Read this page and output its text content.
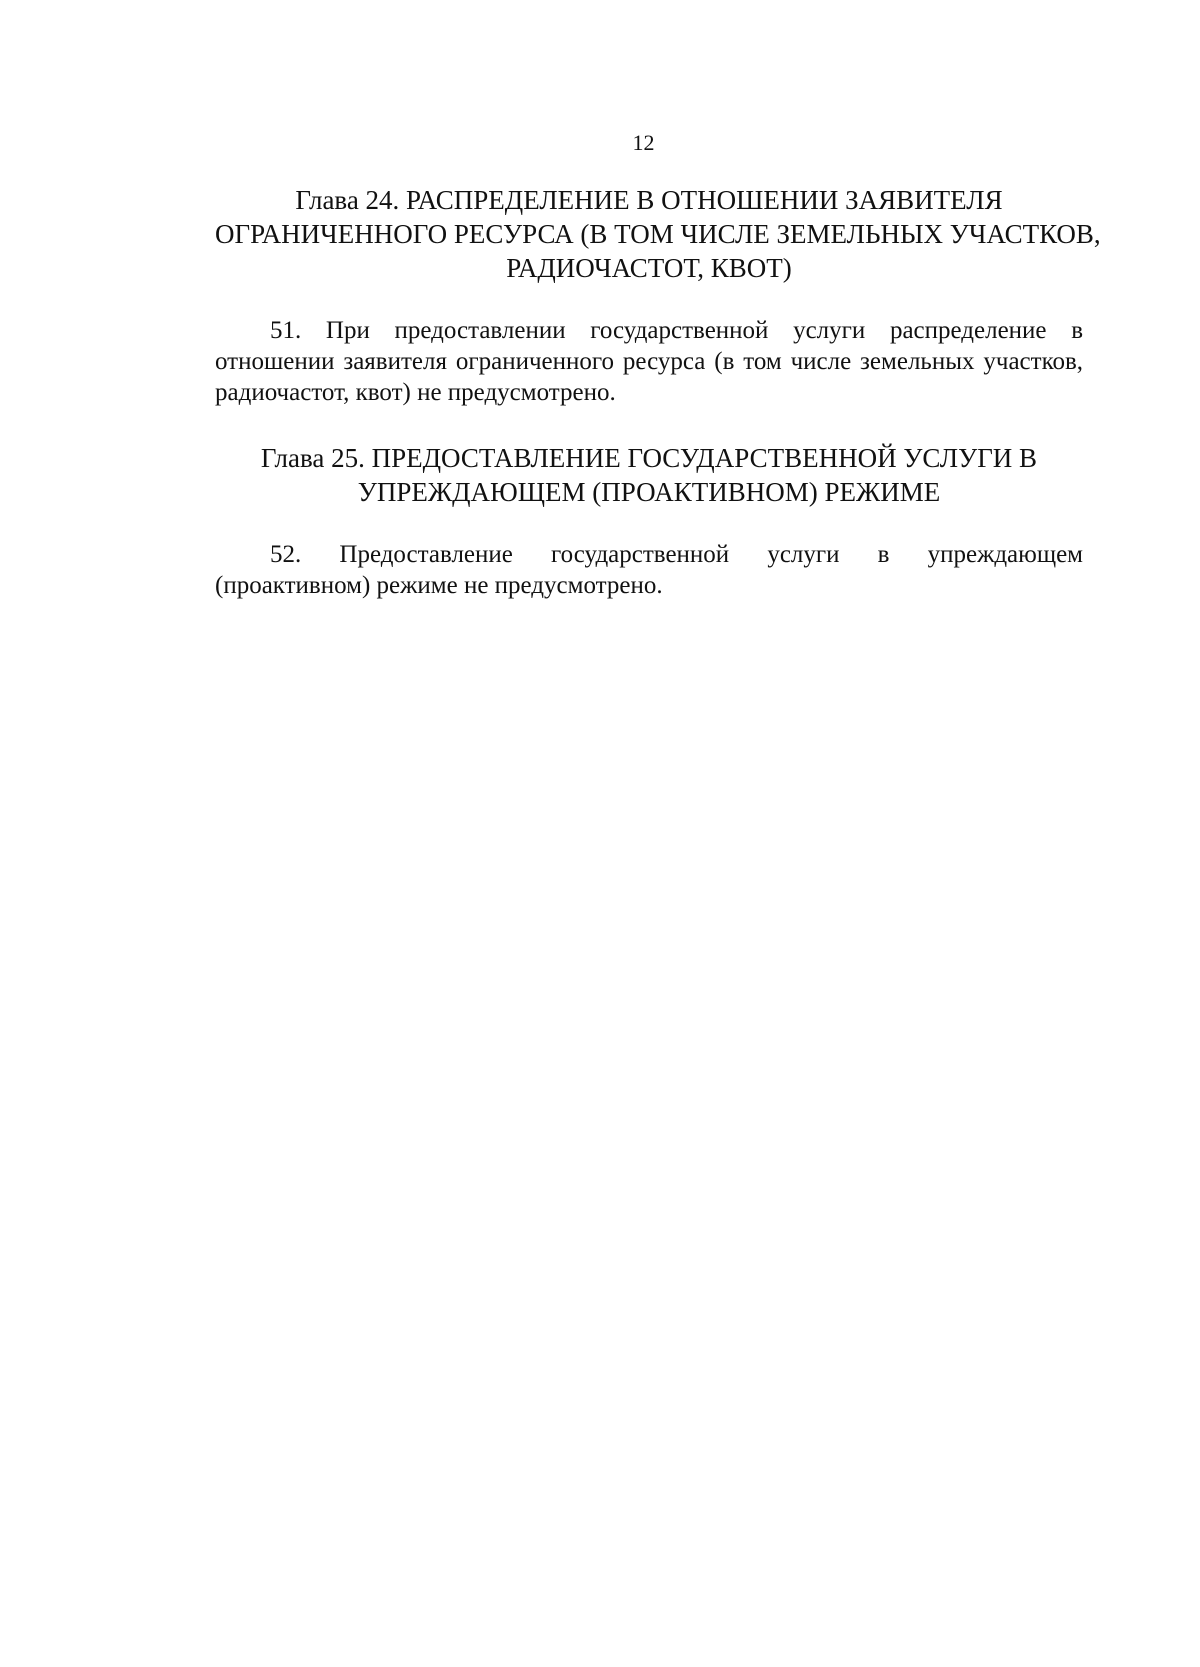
12
Глава 24. РАСПРЕДЕЛЕНИЕ В ОТНОШЕНИИ ЗАЯВИТЕЛЯ
ОГРАНИЧЕННОГО РЕСУРСА (В ТОМ ЧИСЛЕ ЗЕМЕЛЬНЫХ УЧАСТКОВ,
РАДИОЧАСТОТ, КВОТ)

51. При предоставлении государственной услуги распределение в отношении заявителя ограниченного ресурса (в том числе земельных участков, радиочастот, квот) не предусмотрено.

Глава 25. ПРЕДОСТАВЛЕНИЕ ГОСУДАРСТВЕННОЙ УСЛУГИ В
УПРЕЖДАЮЩЕМ (ПРОАКТИВНОМ) РЕЖИМЕ

52. Предоставление государственной услуги в упреждающем (проактивном) режиме не предусмотрено.
